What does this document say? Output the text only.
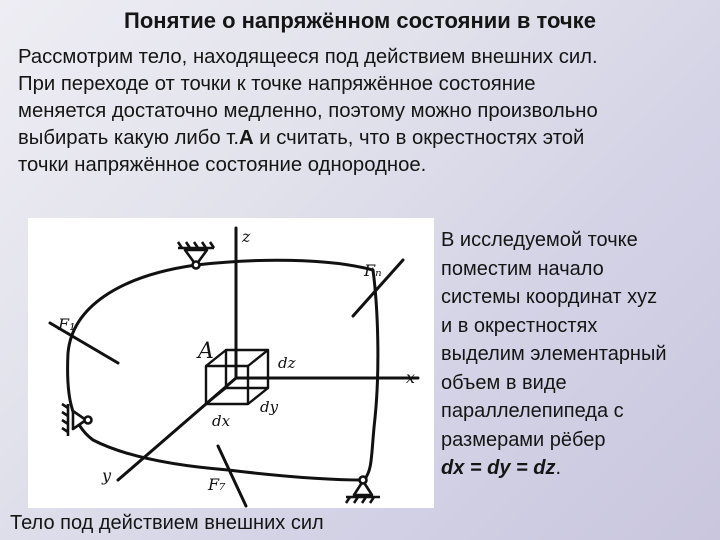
Понятие о напряжённом состоянии в точке

Рассмотрим тело, находящееся под действием внешних сил.
При переходе от точки к точке напряжённое состояние
меняется достаточно медленно, поэтому можно произвольно
выбирать какую либо т.A и считать, что в окрестностях этой
точки напряжённое состояние однородное.

z
x
y
A	dz
dy
dx
F₁
Fₙ
F₇

В исследуемой точке
поместим начало
системы координат xyz
и в окрестностях
выделим элементарный
объем в виде
параллелепипеда с
размерами рёбер
dx = dy = dz.

Тело под действием внешних сил
